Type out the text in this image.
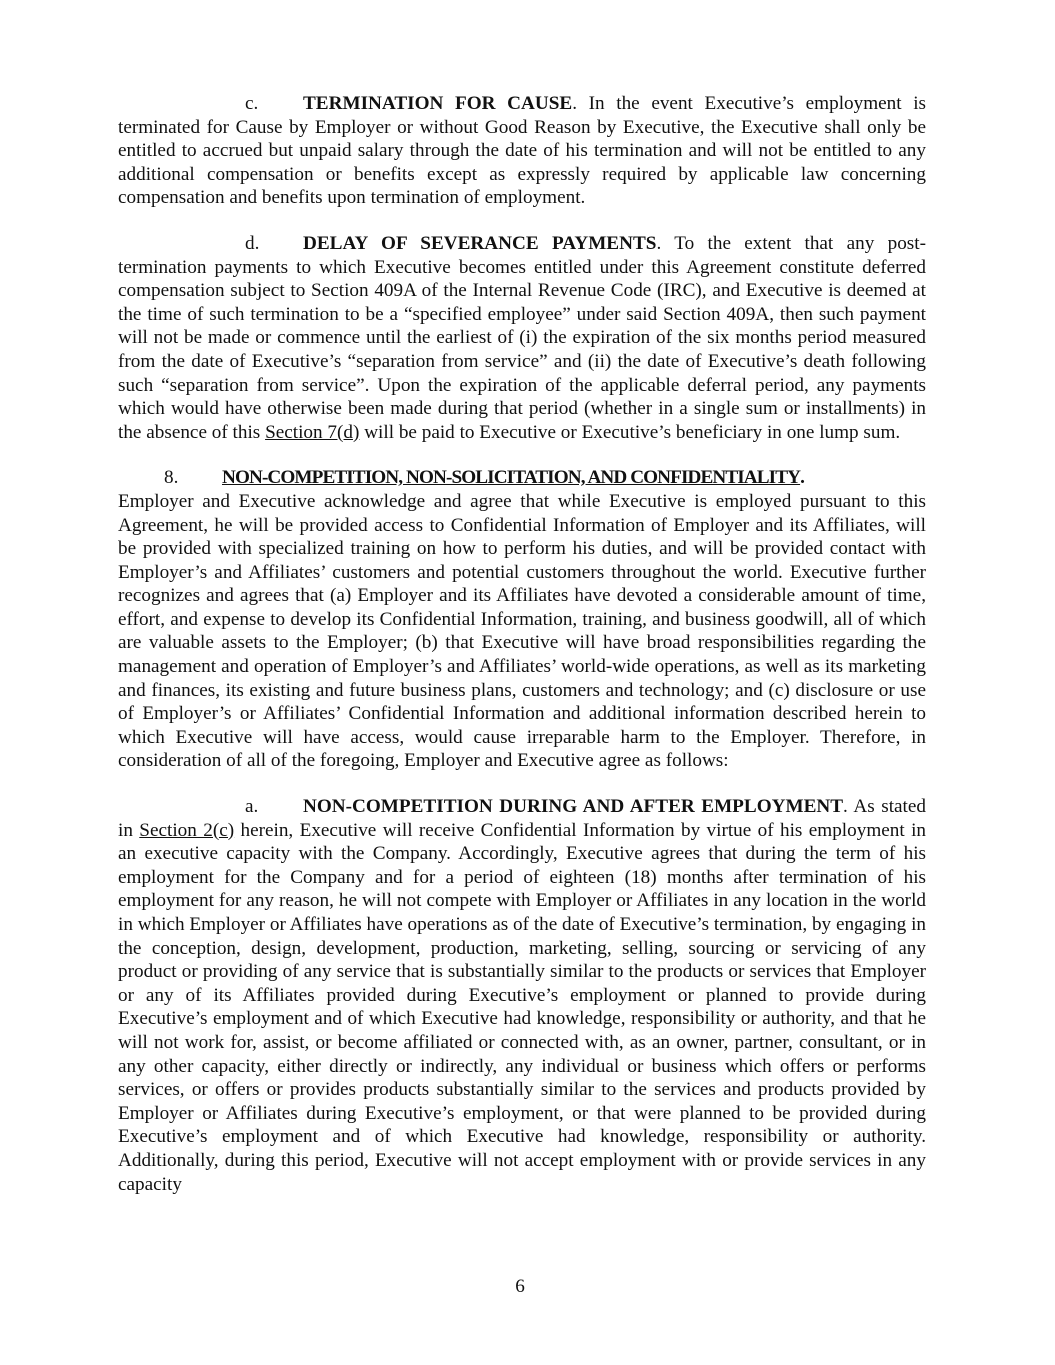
c. TERMINATION FOR CAUSE. In the event Executive’s employment is terminated for Cause by Employer or without Good Reason by Executive, the Executive shall only be entitled to accrued but unpaid salary through the date of his termination and will not be entitled to any additional compensation or benefits except as expressly required by applicable law concerning compensation and benefits upon termination of employment.

d. DELAY OF SEVERANCE PAYMENTS. To the extent that any post-termination payments to which Executive becomes entitled under this Agreement constitute deferred compensation subject to Section 409A of the Internal Revenue Code (IRC), and Executive is deemed at the time of such termination to be a “specified employee” under said Section 409A, then such payment will not be made or commence until the earliest of (i) the expiration of the six months period measured from the date of Executive’s “separation from service” and (ii) the date of Executive’s death following such “separation from service”. Upon the expiration of the applicable deferral period, any payments which would have otherwise been made during that period (whether in a single sum or installments) in the absence of this Section 7(d) will be paid to Executive or Executive’s beneficiary in one lump sum.

8. NON-COMPETITION, NON-SOLICITATION, AND CONFIDENTIALITY.

Employer and Executive acknowledge and agree that while Executive is employed pursuant to this Agreement, he will be provided access to Confidential Information of Employer and its Affiliates, will be provided with specialized training on how to perform his duties, and will be provided contact with Employer’s and Affiliates’ customers and potential customers throughout the world. Executive further recognizes and agrees that (a) Employer and its Affiliates have devoted a considerable amount of time, effort, and expense to develop its Confidential Information, training, and business goodwill, all of which are valuable assets to the Employer; (b) that Executive will have broad responsibilities regarding the management and operation of Employer’s and Affiliates’ world-wide operations, as well as its marketing and finances, its existing and future business plans, customers and technology; and (c) disclosure or use of Employer’s or Affiliates’ Confidential Information and additional information described herein to which Executive will have access, would cause irreparable harm to the Employer. Therefore, in consideration of all of the foregoing, Employer and Executive agree as follows:

a. NON-COMPETITION DURING AND AFTER EMPLOYMENT. As stated in Section 2(c) herein, Executive will receive Confidential Information by virtue of his employment in an executive capacity with the Company. Accordingly, Executive agrees that during the term of his employment for the Company and for a period of eighteen (18) months after termination of his employment for any reason, he will not compete with Employer or Affiliates in any location in the world in which Employer or Affiliates have operations as of the date of Executive’s termination, by engaging in the conception, design, development, production, marketing, selling, sourcing or servicing of any product or providing of any service that is substantially similar to the products or services that Employer or any of its Affiliates provided during Executive’s employment or planned to provide during Executive’s employment and of which Executive had knowledge, responsibility or authority, and that he will not work for, assist, or become affiliated or connected with, as an owner, partner, consultant, or in any other capacity, either directly or indirectly, any individual or business which offers or performs services, or offers or provides products substantially similar to the services and products provided by Employer or Affiliates during Executive’s employment, or that were planned to be provided during Executive’s employment and of which Executive had knowledge, responsibility or authority. Additionally, during this period, Executive will not accept employment with or provide services in any capacity

6
